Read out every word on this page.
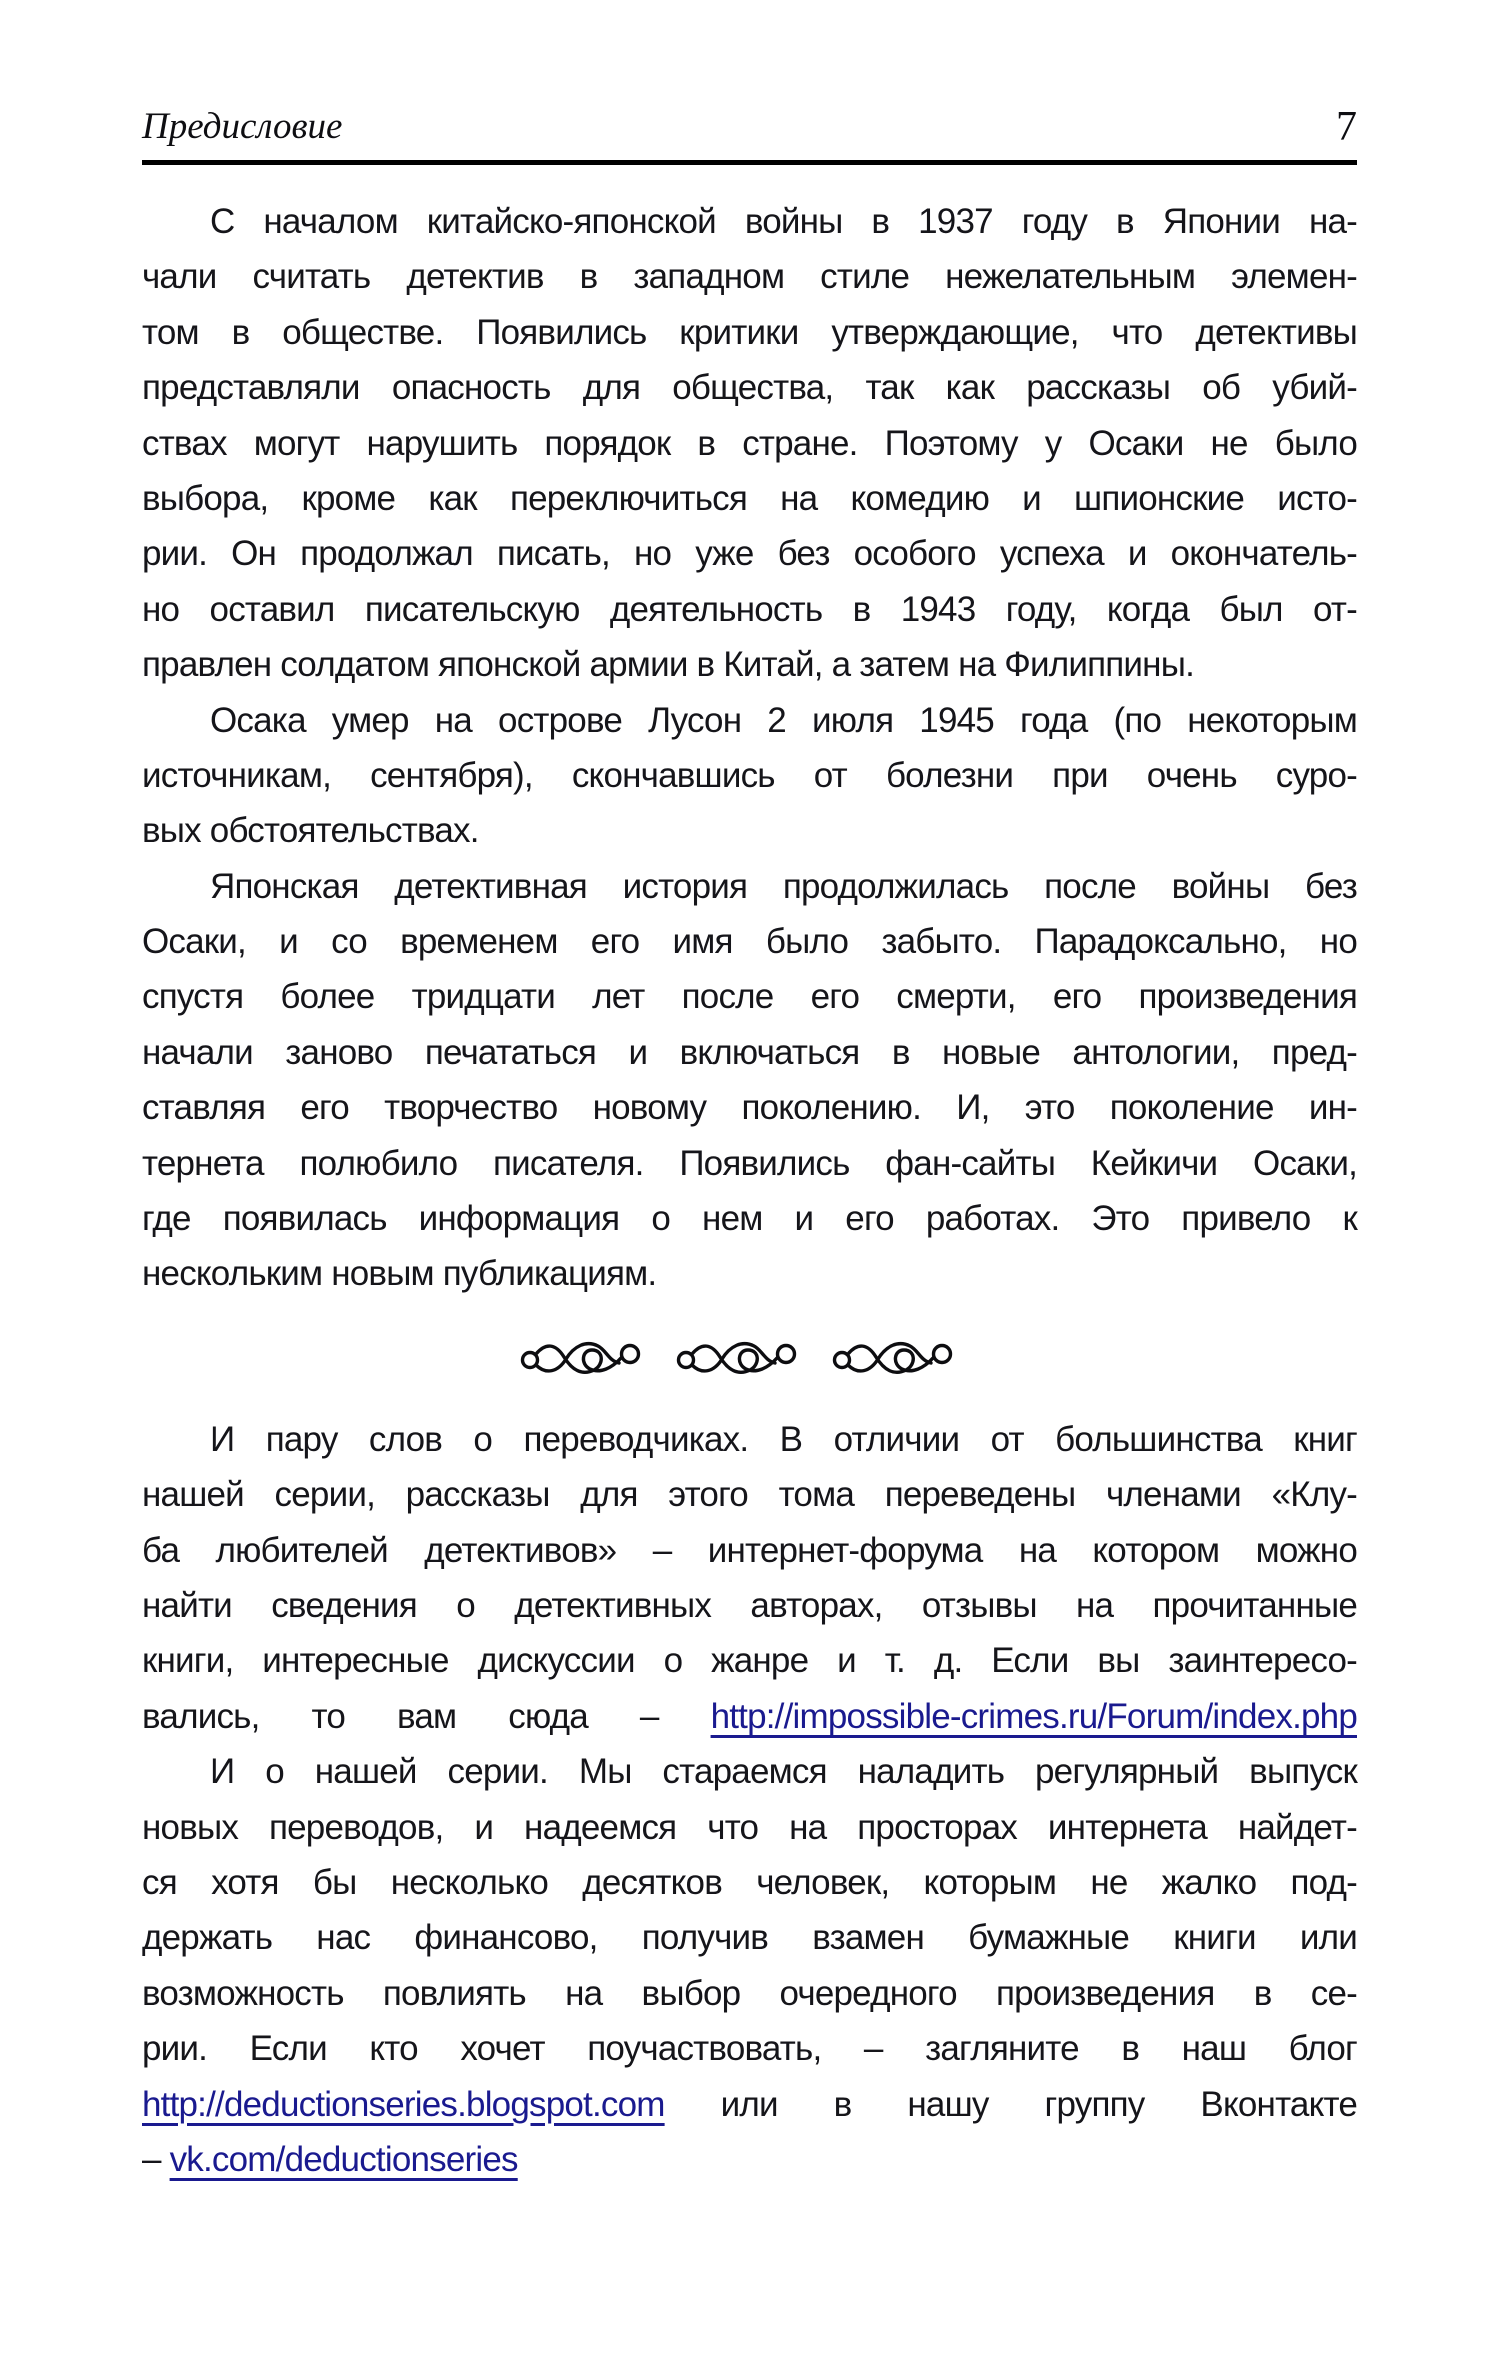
Предисловие	7
С началом китайско-японской войны в 1937 году в Японии на-
чали считать детектив в западном стиле нежелательным элемен-
том в обществе. Появились критики утверждающие, что детективы
представляли опасность для общества, так как рассказы об убий-
ствах могут нарушить порядок в стране. Поэтому у Осаки не было
выбора, кроме как переключиться на комедию и шпионские исто-
рии. Он продолжал писать, но уже без особого успеха и окончатель-
но оставил писательскую деятельность в 1943 году, когда был от-
правлен солдатом японской армии в Китай, а затем на Филиппины.
Осака умер на острове Лусон 2 июля 1945 года (по некоторым
источникам, сентября), скончавшись от болезни при очень суро-
вых обстоятельствах.
Японская детективная история продолжилась после войны без
Осаки, и со временем его имя было забыто. Парадоксально, но
спустя более тридцати лет после его смерти, его произведения
начали заново печататься и включаться в новые антологии, пред-
ставляя его творчество новому поколению. И, это поколение ин-
тернета полюбило писателя. Появились фан-сайты Кейкичи Осаки,
где появилась информация о нем и его работах. Это привело к
нескольким новым публикациям.
И пару слов о переводчиках. В отличии от большинства книг
нашей серии, рассказы для этого тома переведены членами «Клу-
ба любителей детективов» – интернет-форума на котором можно
найти сведения о детективных авторах, отзывы на прочитанные
книги, интересные дискуссии о жанре и т. д. Если вы заинтересо-
вались, то вам сюда – http://impossible-crimes.ru/Forum/index.php
И о нашей серии. Мы стараемся наладить регулярный выпуск
новых переводов, и надеемся что на просторах интернета найдет-
ся хотя бы несколько десятков человек, которым не жалко под-
держать нас финансово, получив взамен бумажные книги или
возможность повлиять на выбор очередного произведения в се-
рии. Если кто хочет поучаствовать, – загляните в наш блог
http://deductionseries.blogspot.com или в нашу группу Вконтакте
– vk.com/deductionseries
